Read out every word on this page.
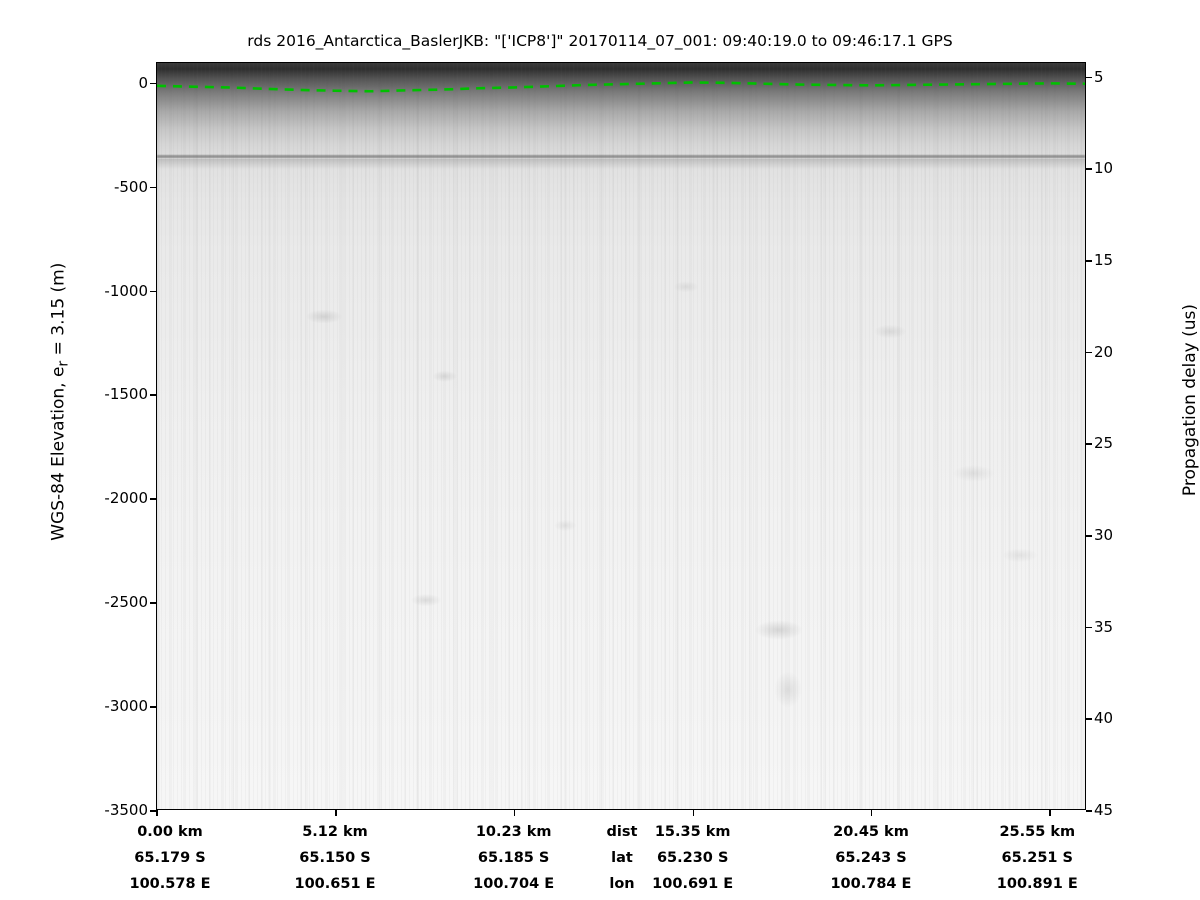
rds 2016_Antarctica_BaslerJKB: "['ICP8']" 20170114_07_001: 09:40:19.0 to 09:46:17.1 GPS
WGS-84 Elevation, $e_r = 3.15$ (m)	Propagation delay (us)
0
-500
-1000
-1500
-2000
-2500
-3000
-3500
5
10
15
20
25
30
35
40
45
dist
0.00 km	5.12 km	10.23 km	15.35 km	20.45 km	25.55 km
lat
65.179 S	65.150 S	65.185 S	65.230 S	65.243 S	65.251 S
lon
100.578 E	100.651 E	100.704 E	100.691 E	100.784 E	100.891 E
